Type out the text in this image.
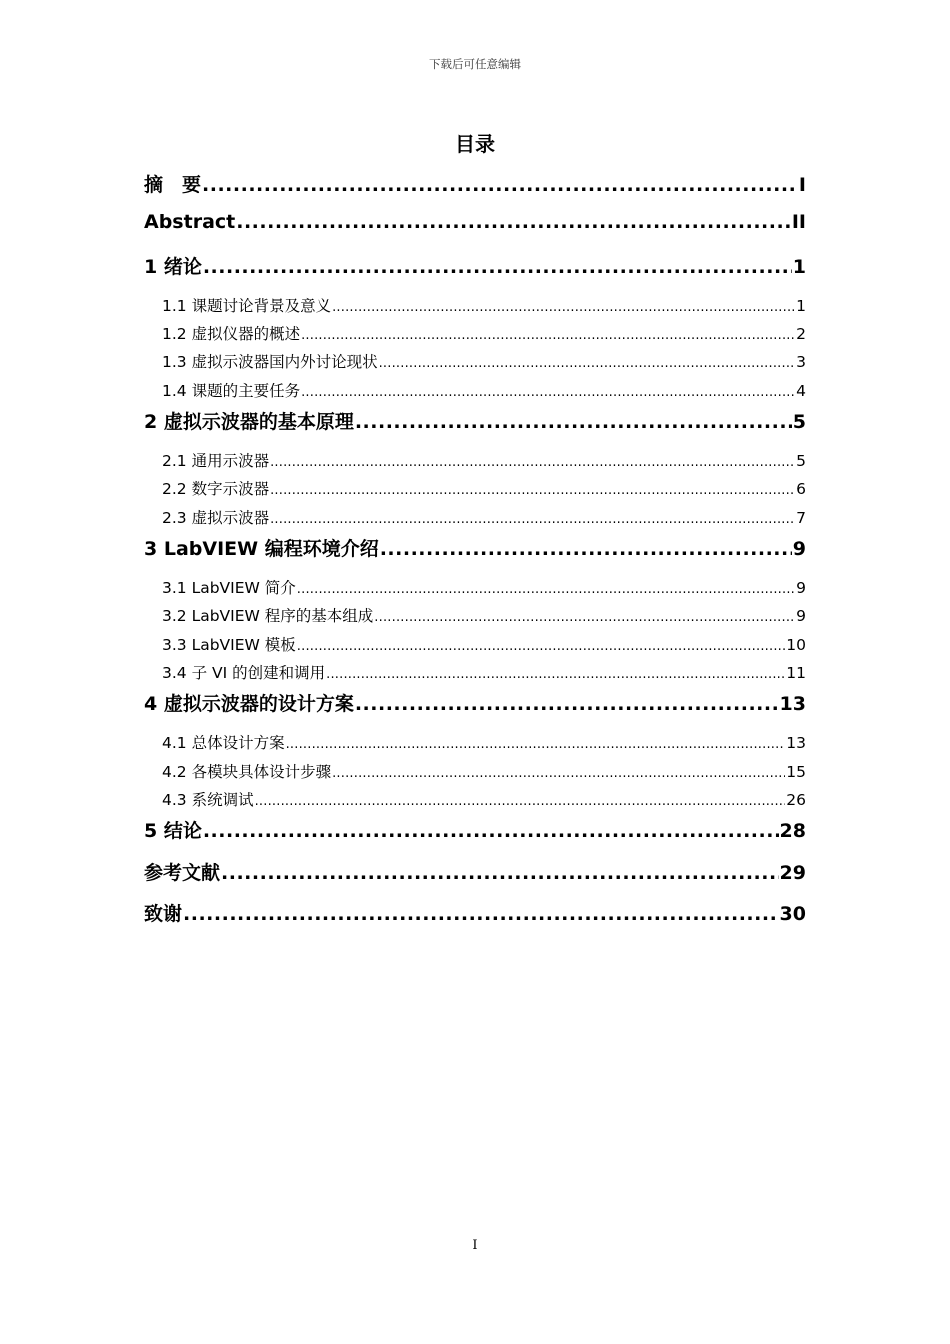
下载后可任意编辑
目录
摘　要 .....	I
Abstract .....	II
1 绪论 .....	1
1.1 课题讨论背景及意义 .....	1
1.2 虚拟仪器的概述 .....	2
1.3 虚拟示波器国内外讨论现状 .....	3
1.4 课题的主要任务 .....	4
2 虚拟示波器的基本原理 .....	5
2.1 通用示波器 .....	5
2.2 数字示波器 .....	6
2.3 虚拟示波器 .....	7
3 LabVIEW 编程环境介绍 .....	9
3.1 LabVIEW 简介 .....	9
3.2 LabVIEW 程序的基本组成 .....	9
3.3 LabVIEW 模板 .....	10
3.4 子 VI 的创建和调用 .....	11
4 虚拟示波器的设计方案 .....	13
4.1 总体设计方案 .....	13
4.2 各模块具体设计步骤 .....	15
4.3 系统调试 .....	26
5 结论 .....	28
参考文献 .....	29
致谢 .....	30
I
